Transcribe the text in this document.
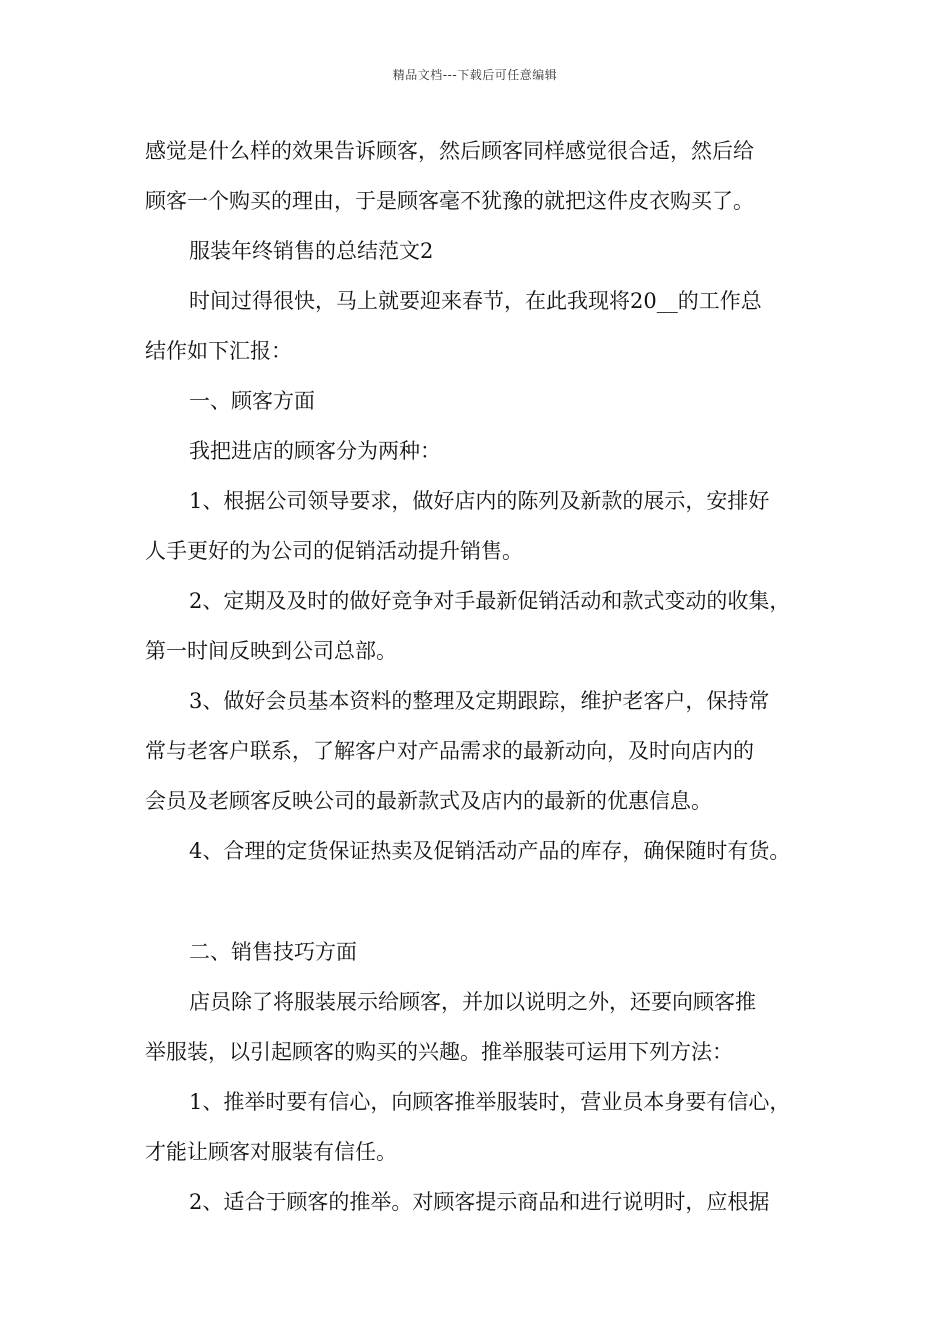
精品文档---下载后可任意编辑
感觉是什么样的效果告诉顾客，然后顾客同样感觉很合适，然后给
顾客一个购买的理由，于是顾客毫不犹豫的就把这件皮衣购买了。
服装年终销售的总结范文2
时间过得很快，马上就要迎来春节，在此我现将20__的工作总
结作如下汇报：
一、顾客方面
我把进店的顾客分为两种：
1、根据公司领导要求，做好店内的陈列及新款的展示，安排好
人手更好的为公司的促销活动提升销售。
2、定期及及时的做好竞争对手最新促销活动和款式变动的收集，
第一时间反映到公司总部。
3、做好会员基本资料的整理及定期跟踪，维护老客户，保持常
常与老客户联系，了解客户对产品需求的最新动向，及时向店内的
会员及老顾客反映公司的最新款式及店内的最新的优惠信息。
4、合理的定货保证热卖及促销活动产品的库存，确保随时有货。
二、销售技巧方面
店员除了将服装展示给顾客，并加以说明之外，还要向顾客推
举服装，以引起顾客的购买的兴趣。推举服装可运用下列方法：
1、推举时要有信心，向顾客推举服装时，营业员本身要有信心，
才能让顾客对服装有信任。
2、适合于顾客的推举。对顾客提示商品和进行说明时，应根据
